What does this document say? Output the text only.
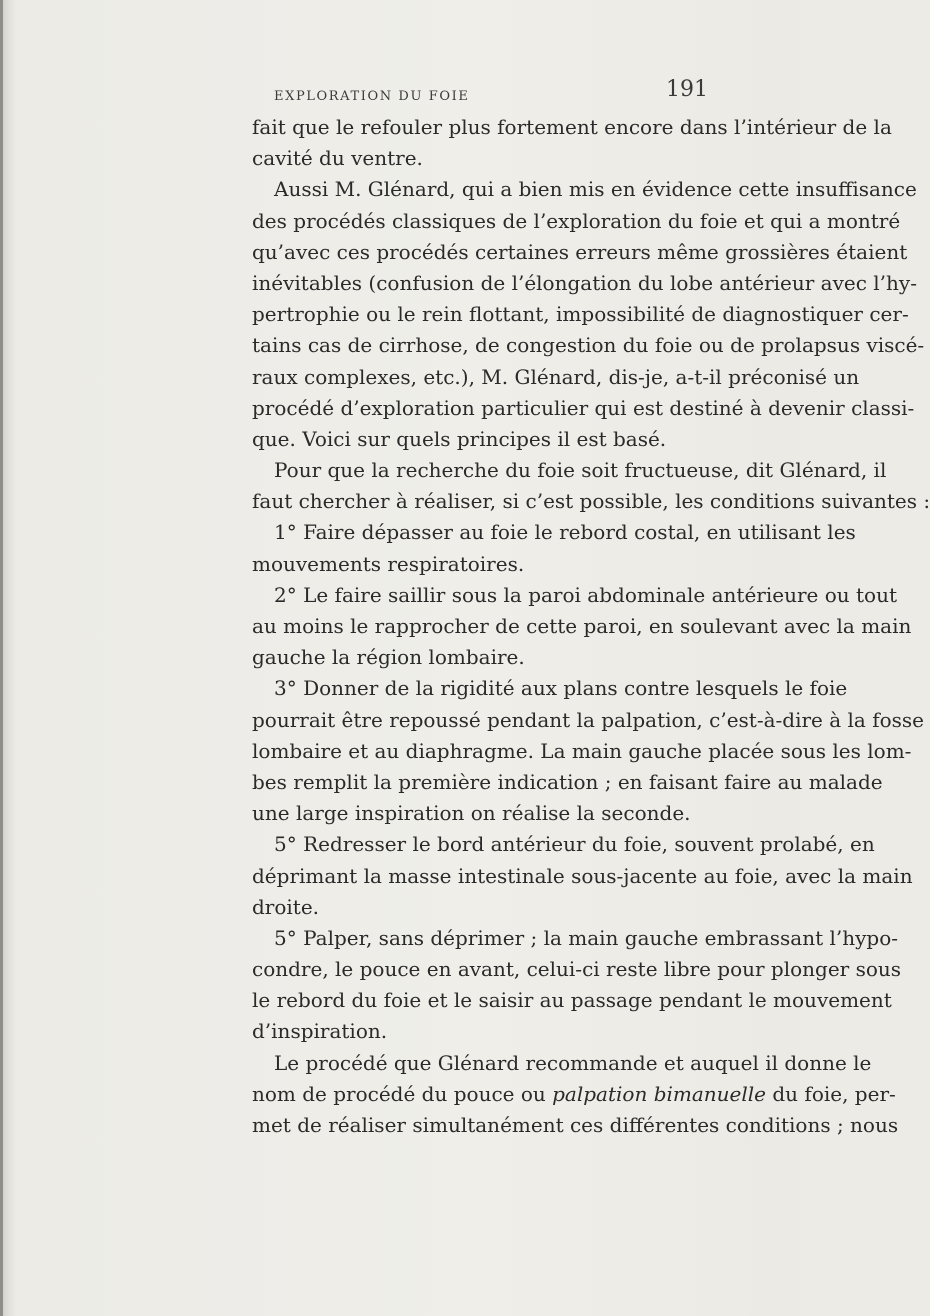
EXPLORATION DU FOIE	191
fait que le refouler plus fortement encore dans l’intérieur de la
cavité du ventre.
Aussi M. Glénard, qui a bien mis en évidence cette insuffisance
des procédés classiques de l’exploration du foie et qui a montré
qu’avec ces procédés certaines erreurs même grossières étaient
inévitables (confusion de l’élongation du lobe antérieur avec l’hy-
pertrophie ou le rein flottant, impossibilité de diagnostiquer cer-
tains cas de cirrhose, de congestion du foie ou de prolapsus viscé-
raux complexes, etc.), M. Glénard, dis-je, a-t-il préconisé un
procédé d’exploration particulier qui est destiné à devenir classi-
que. Voici sur quels principes il est basé.
Pour que la recherche du foie soit fructueuse, dit Glénard, il
faut chercher à réaliser, si c’est possible, les conditions suivantes :
1° Faire dépasser au foie le rebord costal, en utilisant les
mouvements respiratoires.
2° Le faire saillir sous la paroi abdominale antérieure ou tout
au moins le rapprocher de cette paroi, en soulevant avec la main
gauche la région lombaire.
3° Donner de la rigidité aux plans contre lesquels le foie
pourrait être repoussé pendant la palpation, c’est-à-dire à la fosse
lombaire et au diaphragme. La main gauche placée sous les lom-
bes remplit la première indication ; en faisant faire au malade
une large inspiration on réalise la seconde.
5° Redresser le bord antérieur du foie, souvent prolabé, en
déprimant la masse intestinale sous-jacente au foie, avec la main
droite.
5° Palper, sans déprimer ; la main gauche embrassant l’hypo-
condre, le pouce en avant, celui-ci reste libre pour plonger sous
le rebord du foie et le saisir au passage pendant le mouvement
d’inspiration.
Le procédé que Glénard recommande et auquel il donne le
nom de procédé du pouce ou palpation bimanuelle du foie, per-
met de réaliser simultanément ces différentes conditions ; nous
